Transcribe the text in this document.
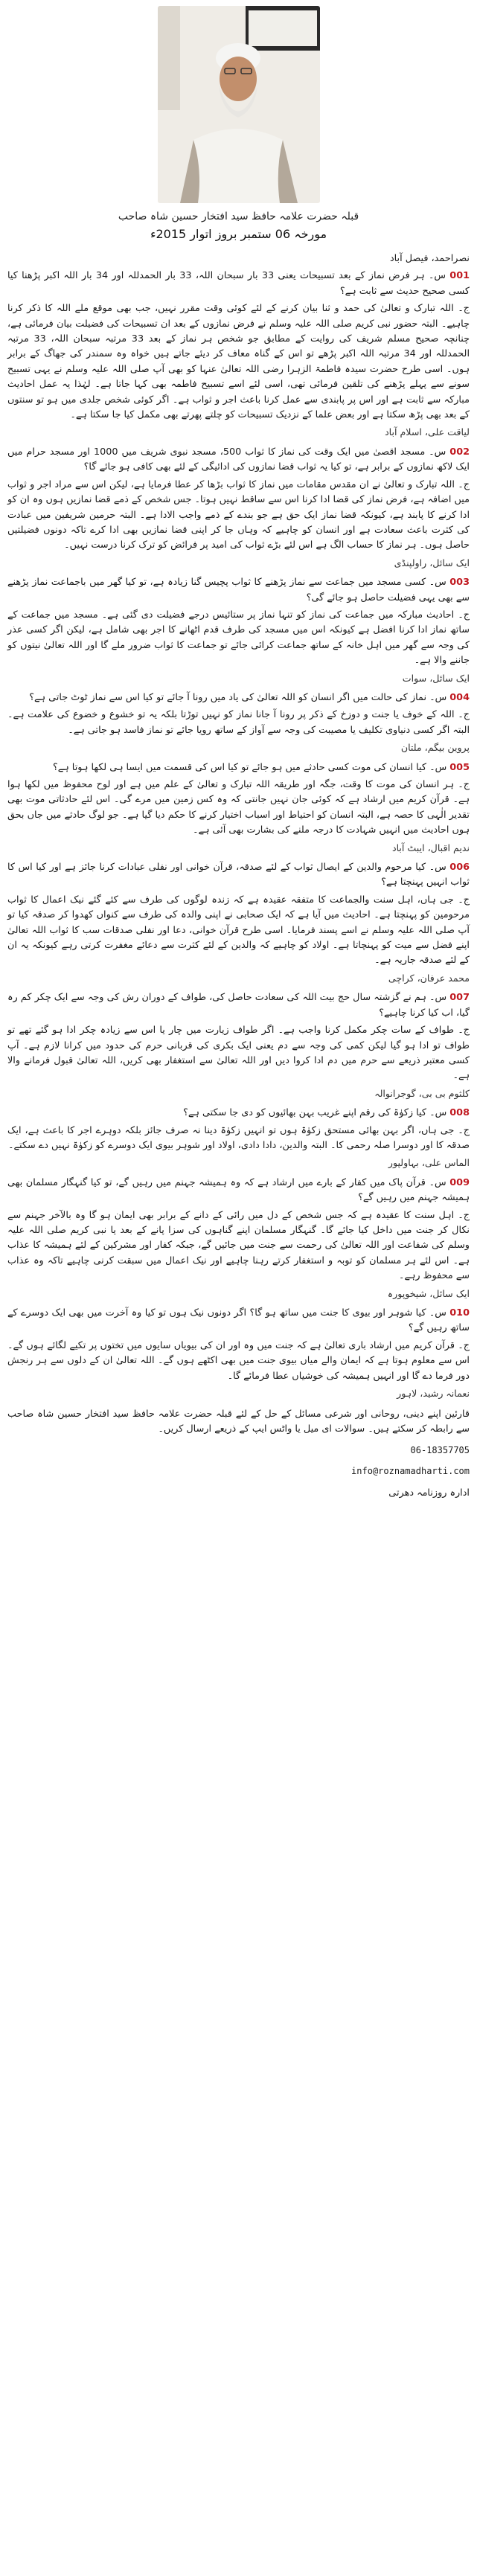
قبلہ حضرت علامہ حافظ سید افتخار حسین شاہ صاحب
مورخہ 06 ستمبر بروز اتوار 2015ء

نصراحمد، فیصل آباد

001 س۔ ہر فرض نماز کے بعد تسبیحات یعنی 33 بار سبحان اللہ، 33 بار الحمدللہ اور 34 بار اللہ اکبر پڑھنا کیا کسی صحیح حدیث سے ثابت ہے؟

ج۔ اللہ تبارک و تعالیٰ کی حمد و ثنا بیان کرنے کے لئے کوئی وقت مقرر نہیں، جب بھی موقع ملے اللہ کا ذکر کرنا چاہیے۔ البتہ حضور نبی کریم صلی اللہ علیہ وسلم نے فرض نمازوں کے بعد ان تسبیحات کی فضیلت بیان فرمائی ہے، چنانچہ صحیح مسلم شریف کی روایت کے مطابق جو شخص ہر نماز کے بعد 33 مرتبہ سبحان اللہ، 33 مرتبہ الحمدللہ اور 34 مرتبہ اللہ اکبر پڑھے تو اس کے گناہ معاف کر دیئے جاتے ہیں خواہ وہ سمندر کی جھاگ کے برابر ہوں۔ اسی طرح حضرت سیدہ فاطمۃ الزہرا رضی اللہ تعالیٰ عنہا کو بھی آپ صلی اللہ علیہ وسلم نے یہی تسبیح سونے سے پہلے پڑھنے کی تلقین فرمائی تھی، اسی لئے اسے تسبیح فاطمہ بھی کہا جاتا ہے۔ لہٰذا یہ عمل احادیث مبارکہ سے ثابت ہے اور اس پر پابندی سے عمل کرنا باعث اجر و ثواب ہے۔ اگر کوئی شخص جلدی میں ہو تو سنتوں کے بعد بھی پڑھ سکتا ہے اور بعض علما کے نزدیک تسبیحات کو چلتے پھرتے بھی مکمل کیا جا سکتا ہے۔

لیاقت علی، اسلام آباد

002 س۔ مسجد اقصیٰ میں ایک وقت کی نماز کا ثواب 500، مسجد نبوی شریف میں 1000 اور مسجد حرام میں ایک لاکھ نمازوں کے برابر ہے، تو کیا یہ ثواب قضا نمازوں کی ادائیگی کے لئے بھی کافی ہو جائے گا؟

ج۔ اللہ تبارک و تعالیٰ نے ان مقدس مقامات میں نماز کا ثواب بڑھا کر عطا فرمایا ہے، لیکن اس سے مراد اجر و ثواب میں اضافہ ہے، فرض نماز کی قضا ادا کرنا اس سے ساقط نہیں ہوتا۔ جس شخص کے ذمے قضا نمازیں ہوں وہ ان کو ادا کرنے کا پابند ہے، کیونکہ قضا نماز ایک حق ہے جو بندے کے ذمے واجب الادا ہے۔ البتہ حرمین شریفین میں عبادت کی کثرت باعث سعادت ہے اور انسان کو چاہیے کہ وہاں جا کر اپنی قضا نمازیں بھی ادا کرے تاکہ دونوں فضیلتیں حاصل ہوں۔ ہر نماز کا حساب الگ ہے اس لئے بڑے ثواب کی امید پر فرائض کو ترک کرنا درست نہیں۔

ایک سائل، راولپنڈی

003 س۔ کسی مسجد میں جماعت سے نماز پڑھنے کا ثواب پچیس گنا زیادہ ہے، تو کیا گھر میں باجماعت نماز پڑھنے سے بھی یہی فضیلت حاصل ہو جائے گی؟

ج۔ احادیث مبارکہ میں جماعت کی نماز کو تنہا نماز پر ستائیس درجے فضیلت دی گئی ہے۔ مسجد میں جماعت کے ساتھ نماز ادا کرنا افضل ہے کیونکہ اس میں مسجد کی طرف قدم اٹھانے کا اجر بھی شامل ہے، لیکن اگر کسی عذر کی وجہ سے گھر میں اہل خانہ کے ساتھ جماعت کرائی جائے تو جماعت کا ثواب ضرور ملے گا اور اللہ تعالیٰ نیتوں کو جاننے والا ہے۔

ایک سائل، سوات

004 س۔ نماز کی حالت میں اگر انسان کو اللہ تعالیٰ کی یاد میں رونا آ جائے تو کیا اس سے نماز ٹوٹ جاتی ہے؟

ج۔ اللہ کے خوف یا جنت و دوزخ کے ذکر پر رونا آ جانا نماز کو نہیں توڑتا بلکہ یہ تو خشوع و خضوع کی علامت ہے۔ البتہ اگر کسی دنیاوی تکلیف یا مصیبت کی وجہ سے آواز کے ساتھ رویا جائے تو نماز فاسد ہو جاتی ہے۔

پروین بیگم، ملتان

005 س۔ کیا انسان کی موت کسی حادثے میں ہو جائے تو کیا اس کی قسمت میں ایسا ہی لکھا ہوتا ہے؟

ج۔ ہر انسان کی موت کا وقت، جگہ اور طریقہ اللہ تبارک و تعالیٰ کے علم میں ہے اور لوح محفوظ میں لکھا ہوا ہے۔ قرآن کریم میں ارشاد ہے کہ کوئی جان نہیں جانتی کہ وہ کس زمین میں مرے گی۔ اس لئے حادثاتی موت بھی تقدیر الٰہی کا حصہ ہے، البتہ انسان کو احتیاط اور اسباب اختیار کرنے کا حکم دیا گیا ہے۔ جو لوگ حادثے میں جاں بحق ہوں احادیث میں انہیں شہادت کا درجہ ملنے کی بشارت بھی آئی ہے۔

ندیم اقبال، ایبٹ آباد

006 س۔ کیا مرحوم والدین کے ایصال ثواب کے لئے صدقہ، قرآن خوانی اور نفلی عبادات کرنا جائز ہے اور کیا اس کا ثواب انہیں پہنچتا ہے؟

ج۔ جی ہاں، اہل سنت والجماعت کا متفقہ عقیدہ ہے کہ زندہ لوگوں کی طرف سے کئے گئے نیک اعمال کا ثواب مرحومین کو پہنچتا ہے۔ احادیث میں آیا ہے کہ ایک صحابی نے اپنی والدہ کی طرف سے کنواں کھدوا کر صدقہ کیا تو آپ صلی اللہ علیہ وسلم نے اسے پسند فرمایا۔ اسی طرح قرآن خوانی، دعا اور نفلی صدقات سب کا ثواب اللہ تعالیٰ اپنے فضل سے میت کو پہنچاتا ہے۔ اولاد کو چاہیے کہ والدین کے لئے کثرت سے دعائے مغفرت کرتی رہے کیونکہ یہ ان کے لئے صدقہ جاریہ ہے۔

محمد عرفان، کراچی

007 س۔ ہم نے گزشتہ سال حج بیت اللہ کی سعادت حاصل کی، طواف کے دوران رش کی وجہ سے ایک چکر کم رہ گیا، اب کیا کرنا چاہیے؟

ج۔ طواف کے سات چکر مکمل کرنا واجب ہے۔ اگر طواف زیارت میں چار یا اس سے زیادہ چکر ادا ہو گئے تھے تو طواف تو ادا ہو گیا لیکن کمی کی وجہ سے دم یعنی ایک بکری کی قربانی حرم کی حدود میں کرانا لازم ہے۔ آپ کسی معتبر ذریعے سے حرم میں دم ادا کروا دیں اور اللہ تعالیٰ سے استغفار بھی کریں، اللہ تعالیٰ قبول فرمانے والا ہے۔

کلثوم بی بی، گوجرانوالہ

008 س۔ کیا زکوٰۃ کی رقم اپنے غریب بہن بھائیوں کو دی جا سکتی ہے؟

ج۔ جی ہاں، اگر بہن بھائی مستحق زکوٰۃ ہوں تو انہیں زکوٰۃ دینا نہ صرف جائز بلکہ دوہرے اجر کا باعث ہے، ایک صدقہ کا اور دوسرا صلہ رحمی کا۔ البتہ والدین، دادا دادی، اولاد اور شوہر بیوی ایک دوسرے کو زکوٰۃ نہیں دے سکتے۔

الماس علی، بہاولپور

009 س۔ قرآن پاک میں کفار کے بارے میں ارشاد ہے کہ وہ ہمیشہ جہنم میں رہیں گے، تو کیا گنہگار مسلمان بھی ہمیشہ جہنم میں رہیں گے؟

ج۔ اہل سنت کا عقیدہ ہے کہ جس شخص کے دل میں رائی کے دانے کے برابر بھی ایمان ہو گا وہ بالآخر جہنم سے نکال کر جنت میں داخل کیا جائے گا۔ گنہگار مسلمان اپنے گناہوں کی سزا پانے کے بعد یا نبی کریم صلی اللہ علیہ وسلم کی شفاعت اور اللہ تعالیٰ کی رحمت سے جنت میں جائیں گے، جبکہ کفار اور مشرکین کے لئے ہمیشہ کا عذاب ہے۔ اس لئے ہر مسلمان کو توبہ و استغفار کرتے رہنا چاہیے اور نیک اعمال میں سبقت کرنی چاہیے تاکہ وہ عذاب سے محفوظ رہے۔

ایک سائل، شیخوپورہ

010 س۔ کیا شوہر اور بیوی کا جنت میں ساتھ ہو گا؟ اگر دونوں نیک ہوں تو کیا وہ آخرت میں بھی ایک دوسرے کے ساتھ رہیں گے؟

ج۔ قرآن کریم میں ارشاد باری تعالیٰ ہے کہ جنت میں وہ اور ان کی بیویاں سایوں میں تختوں پر تکیے لگائے ہوں گے۔ اس سے معلوم ہوتا ہے کہ ایمان والے میاں بیوی جنت میں بھی اکٹھے ہوں گے۔ اللہ تعالیٰ ان کے دلوں سے ہر رنجش دور فرما دے گا اور انہیں ہمیشہ کی خوشیاں عطا فرمائے گا۔

نعمانہ رشید، لاہور
قارئین اپنے دینی، روحانی اور شرعی مسائل کے حل کے لئے قبلہ حضرت علامہ حافظ سید افتخار حسین شاہ صاحب سے رابطہ کر سکتے ہیں۔ سوالات ای میل یا واٹس ایپ کے ذریعے ارسال کریں۔
06-18357705
info@roznamadharti.com
ادارہ روزنامہ دھرتی
